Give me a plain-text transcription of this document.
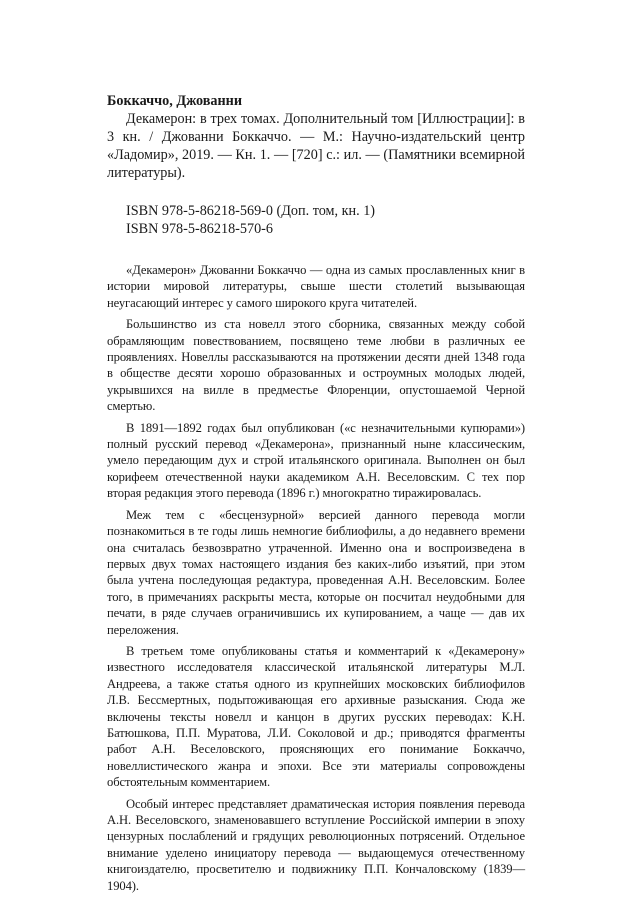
Боккаччо, Джованни

Декамерон: в трех томах. Дополнительный том [Иллюстрации]: в 3 кн. / Джованни Боккаччо. — М.: Научно-издательский центр «Ладомир», 2019. — Кн. 1. — [720] с.: ил. — (Памятники всемирной литературы).

ISBN 978-5-86218-569-0 (Доп. том, кн. 1)

ISBN 978-5-86218-570-6

«Декамерон» Джованни Боккаччо — одна из самых прославленных книг в истории мировой литературы, свыше шести столетий вызывающая неугасающий интерес у самого широкого круга читателей.

Большинство из ста новелл этого сборника, связанных между собой обрамляющим повествованием, посвящено теме любви в различных ее проявлениях. Новеллы рассказываются на протяжении десяти дней 1348 года в обществе десяти хорошо образованных и остроумных молодых людей, укрывшихся на вилле в предместье Флоренции, опустошаемой Черной смертью.

В 1891—1892 годах был опубликован («с незначительными купюрами») полный русский перевод «Декамерона», признанный ныне классическим, умело передающим дух и строй итальянского оригинала. Выполнен он был корифеем отечественной науки академиком А.Н. Веселовским. С тех пор вторая редакция этого перевода (1896 г.) многократно тиражировалась.

Меж тем с «бесцензурной» версией данного перевода могли познакомиться в те годы лишь немногие библиофилы, а до недавнего времени она считалась безвозвратно утраченной. Именно она и воспроизведена в первых двух томах настоящего издания без каких-либо изъятий, при этом была учтена последующая редактура, проведенная А.Н. Веселовским. Более того, в примечаниях раскрыты места, которые он посчитал неудобными для печати, в ряде случаев ограничившись их купированием, а чаще — дав их переложения.

В третьем томе опубликованы статья и комментарий к «Декамерону» известного исследователя классической итальянской литературы М.Л. Андреева, а также статья одного из крупнейших московских библиофилов Л.В. Бессмертных, подытоживающая его архивные разыскания. Сюда же включены тексты новелл и канцон в других русских переводах: К.Н. Батюшкова, П.П. Муратова, Л.И. Соколовой и др.; приводятся фрагменты работ А.Н. Веселовского, проясняющих его понимание Боккаччо, новеллистического жанра и эпохи. Все эти материалы сопровождены обстоятельным комментарием.

Особый интерес представляет драматическая история появления перевода А.Н. Веселовского, знаменовавшего вступление Российской империи в эпоху цензурных послаблений и грядущих революционных потрясений. Отдельное внимание уделено инициатору перевода — выдающемуся отечественному книгоиздателю, просветителю и подвижнику П.П. Кончаловскому (1839—1904).
